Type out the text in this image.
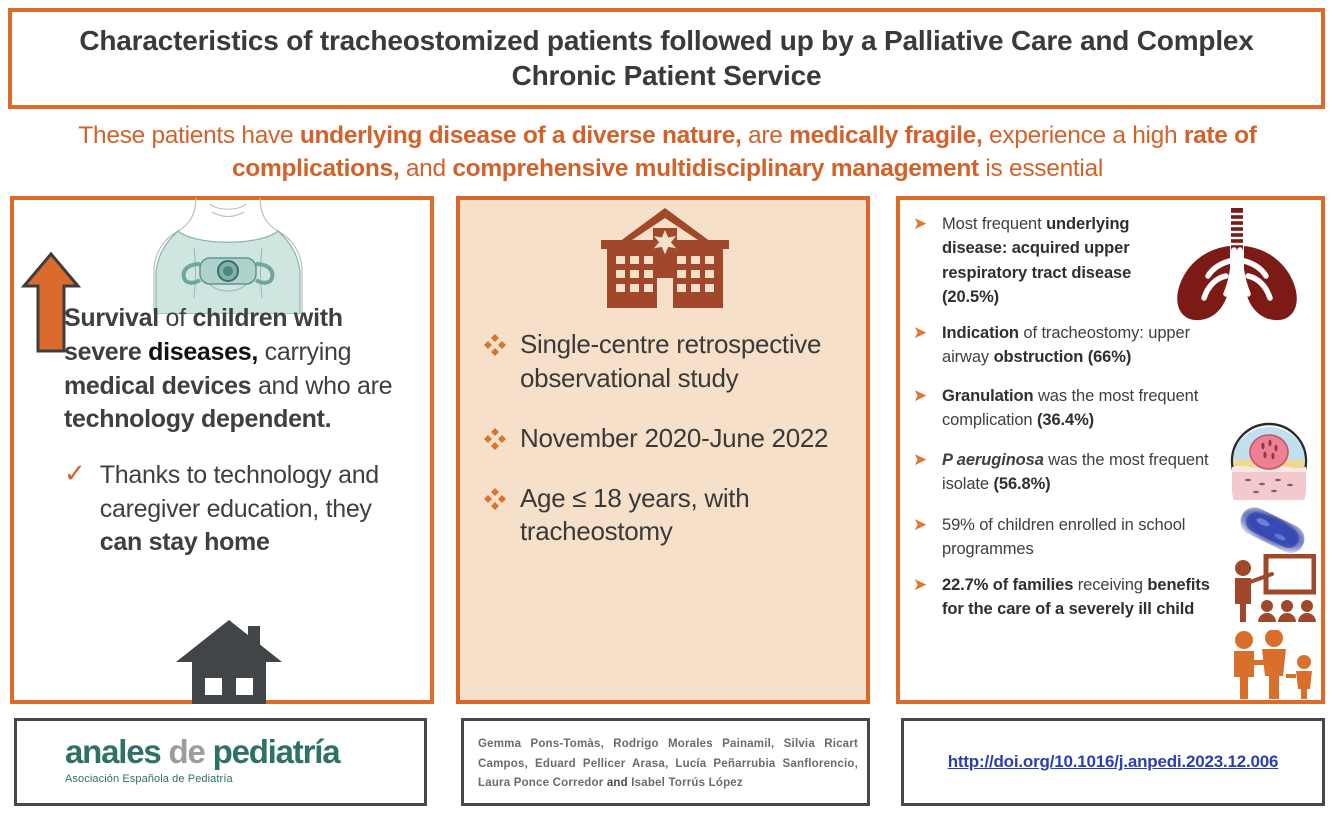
Characteristics of tracheostomized patients followed up by a Palliative Care and Complex Chronic Patient Service
These patients have underlying disease of a diverse nature, are medically fragile, experience a high rate of complications, and comprehensive multidisciplinary management is essential
Survival of children with severe diseases, carrying medical devices and who are technology dependent.
✓ Thanks to technology and caregiver education, they can stay home
Single-centre retrospective observational study
November 2020-June 2022
Age ≤ 18 years, with tracheostomy
➤ Most frequent underlying disease: acquired upper respiratory tract disease (20.5%)
➤ Indication of tracheostomy: upper airway obstruction (66%)
➤ Granulation was the most frequent complication (36.4%)
➤ P aeruginosa was the most frequent isolate (56.8%)
➤ 59% of children enrolled in school programmes
➤ 22.7% of families receiving benefits for the care of a severely ill child
anales de pediatría
Asociación Española de Pediatría
Gemma Pons-Tomàs, Rodrigo Morales Painamil, Silvia Ricart Campos, Eduard Pellicer Arasa, Lucía Peñarrubia Sanflorencio, Laura Ponce Corredor and Isabel Torrús López
http://doi.org/10.1016/j.anpedi.2023.12.006
